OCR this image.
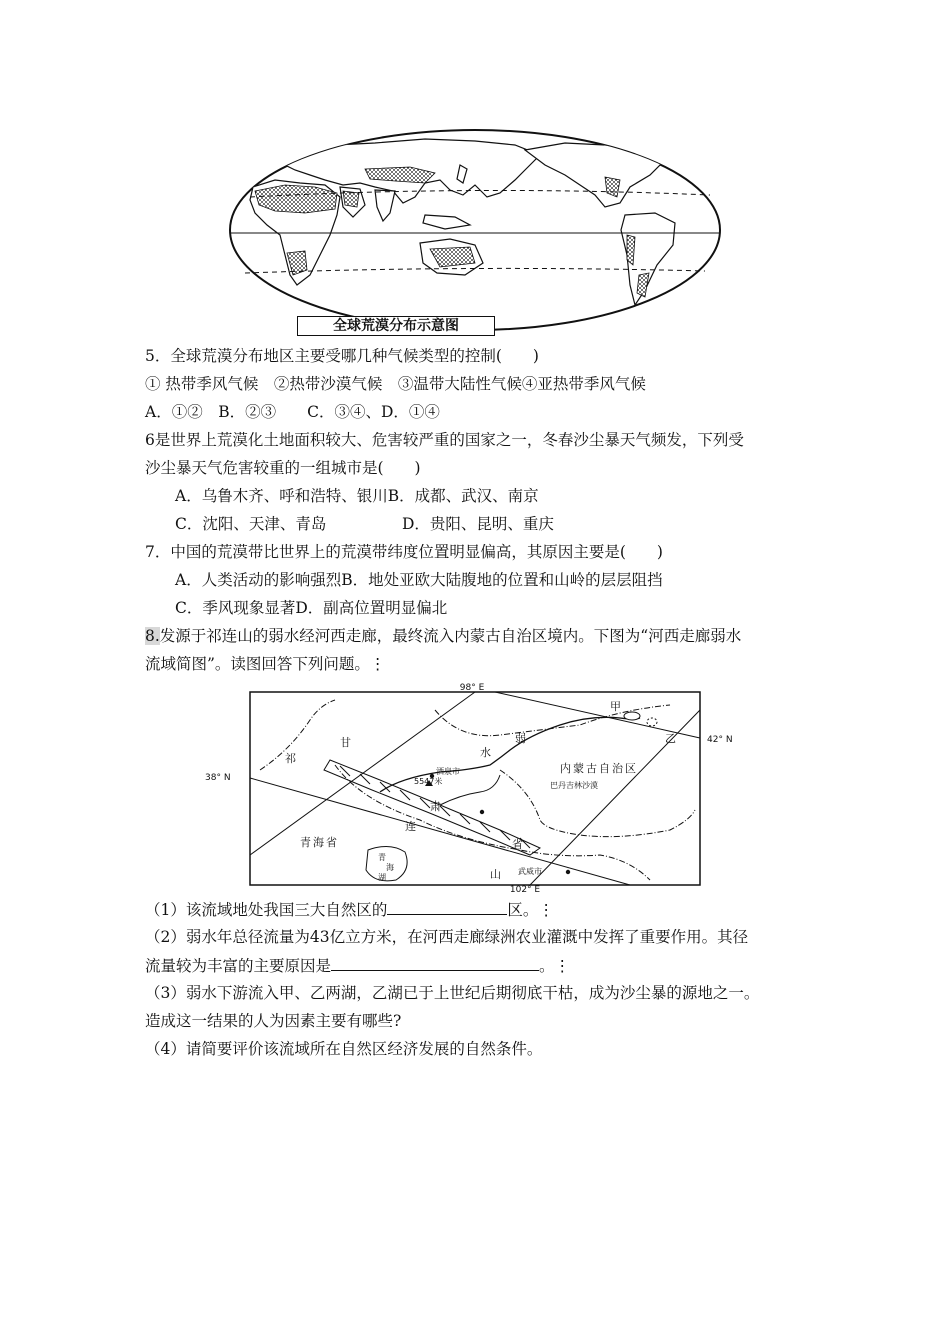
全球荒漠分布示意图
5．全球荒漠分布地区主要受哪几种气候类型的控制(　　)
① 热带季风气候　②热带沙漠气候　③温带大陆性气候④亚热带季风气候
A．①②　B．②③　　C．③④、D．①④
6是世界上荒漠化土地面积较大、危害较严重的国家之一，冬春沙尘暴天气频发，下列受
沙尘暴天气危害较重的一组城市是(　　)
A．乌鲁木齐、呼和浩特、银川B．成都、武汉、南京
C．沈阳、天津、青岛	D．贵阳、昆明、重庆
7．中国的荒漠带比世界上的荒漠带纬度位置明显偏高，其原因主要是(　　)
A．人类活动的影响强烈B．地处亚欧大陆腹地的位置和山岭的层层阻挡
C．季风现象显著D．副高位置明显偏北
8.发源于祁连山的弱水经河西走廊，最终流入内蒙古自治区境内。下图为“河西走廊弱水
流域简图”。读图回答下列问题。⋮
98° E
102° E
42° N
38° N
甲
乙
祁
甘
肃
连
省
山
水
弱
内蒙古自治区
巴丹吉林沙漠
酒泉市
5547米
青海省
青
海
湖
武威市
（1）该流域地处我国三大自然区的	区。⋮
（2）弱水年总径流量为43亿立方米，在河西走廊绿洲农业灌溉中发挥了重要作用。其径
流量较为丰富的主要原因是	。⋮
（3）弱水下游流入甲、乙两湖，乙湖已于上世纪后期彻底干枯，成为沙尘暴的源地之一。
造成这一结果的人为因素主要有哪些?
（4）请简要评价该流域所在自然区经济发展的自然条件。
